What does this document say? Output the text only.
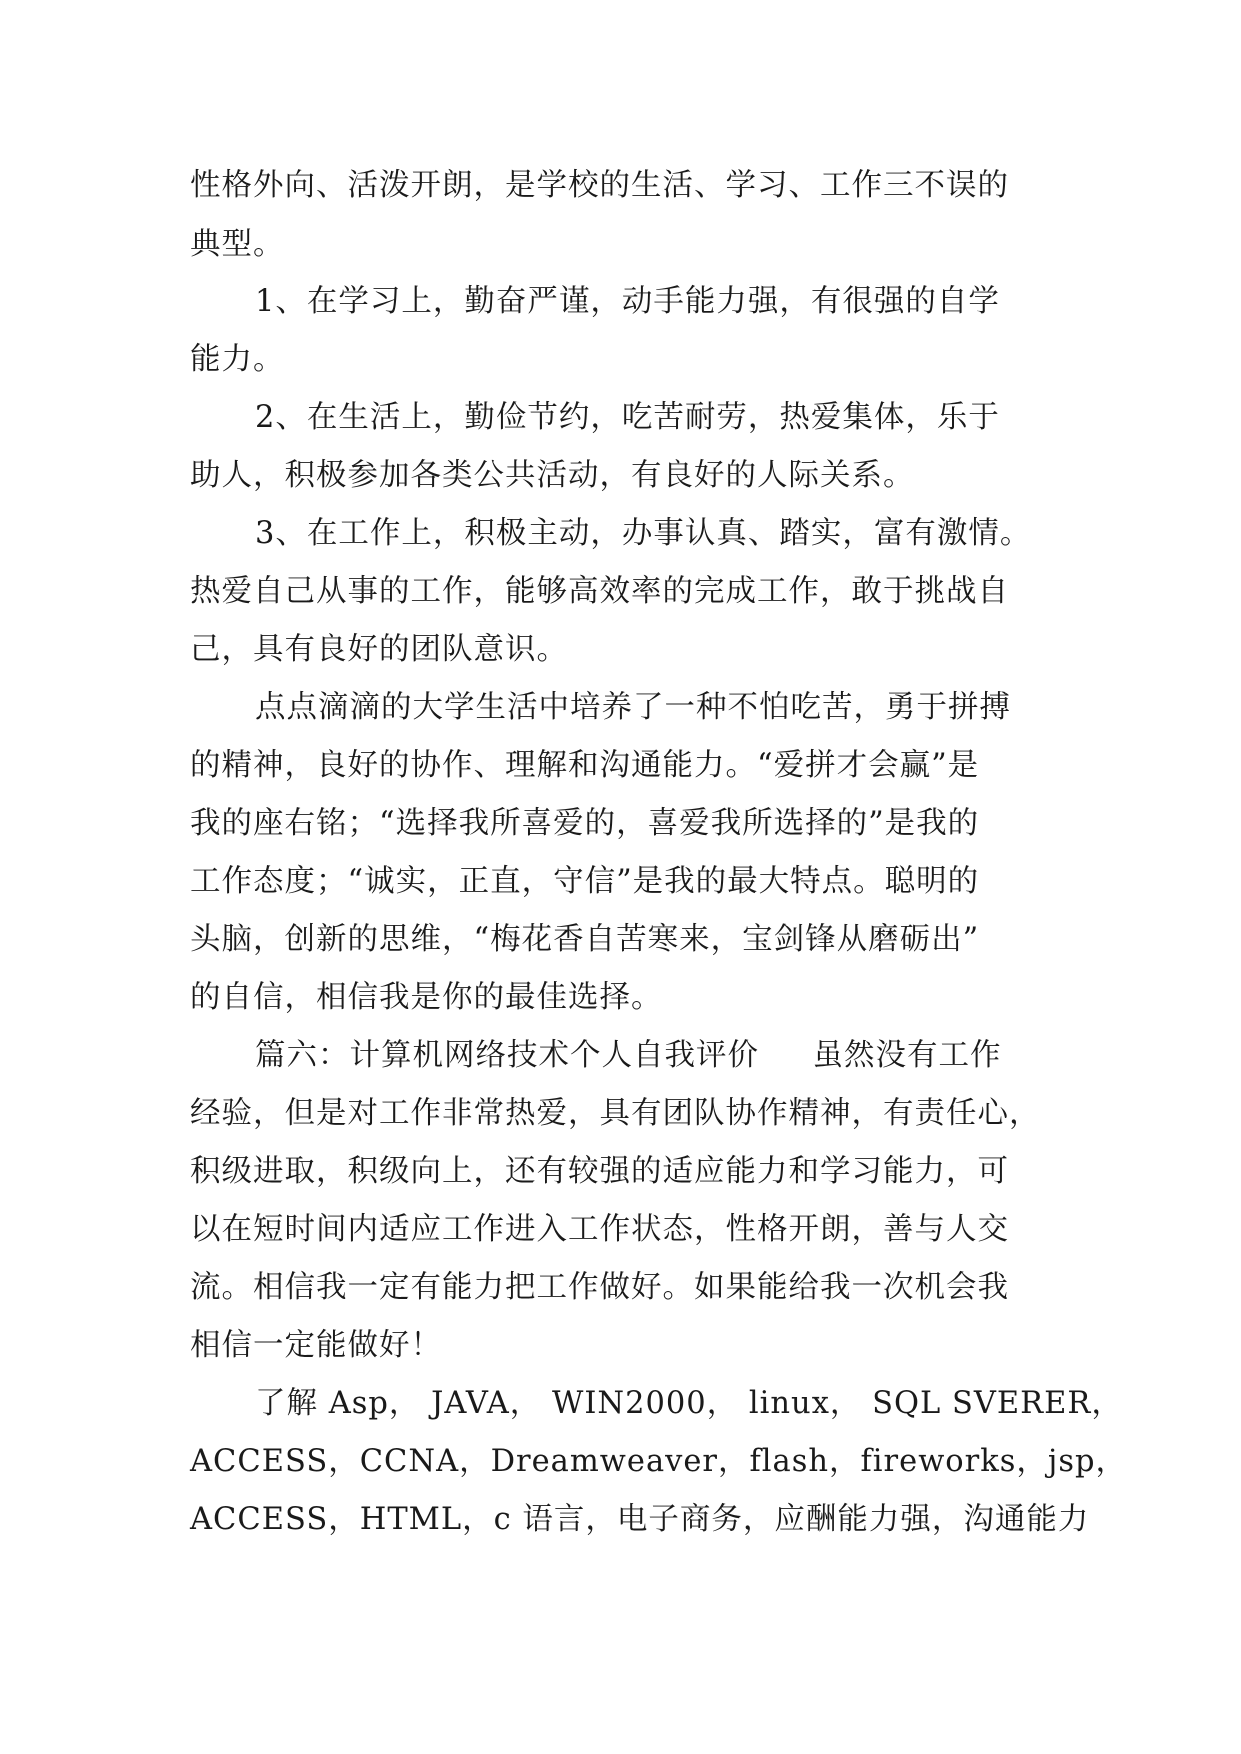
性格外向、活泼开朗，是学校的生活、学习、工作三不误的

典型。

1、在学习上，勤奋严谨，动手能力强，有很强的自学

能力。

2、在生活上，勤俭节约，吃苦耐劳，热爱集体，乐于

助人，积极参加各类公共活动，有良好的人际关系。

3、在工作上，积极主动，办事认真、踏实，富有激情。

热爱自己从事的工作，能够高效率的完成工作，敢于挑战自

己，具有良好的团队意识。

点点滴滴的大学生活中培养了一种不怕吃苦，勇于拼搏

的精神，良好的协作、理解和沟通能力。“爱拼才会赢”是

我的座右铭；“选择我所喜爱的，喜爱我所选择的”是我的

工作态度；“诚实，正直，守信”是我的最大特点。聪明的

头脑，创新的思维，“梅花香自苦寒来，宝剑锋从磨砺出”

的自信，相信我是你的最佳选择。

篇六：计算机网络技术个人自我评价     虽然没有工作

经验，但是对工作非常热爱，具有团队协作精神，有责任心，

积级进取，积级向上，还有较强的适应能力和学习能力，可

以在短时间内适应工作进入工作状态，性格开朗，善与人交

流。相信我一定有能力把工作做好。如果能给我一次机会我

相信一定能做好！

了解 Asp， JAVA， WIN2000， linux， SQL SVERER，

ACCESS，CCNA，Dreamweaver，flash，fireworks，jsp，

ACCESS，HTML，c 语言，电子商务，应酬能力强，沟通能力
